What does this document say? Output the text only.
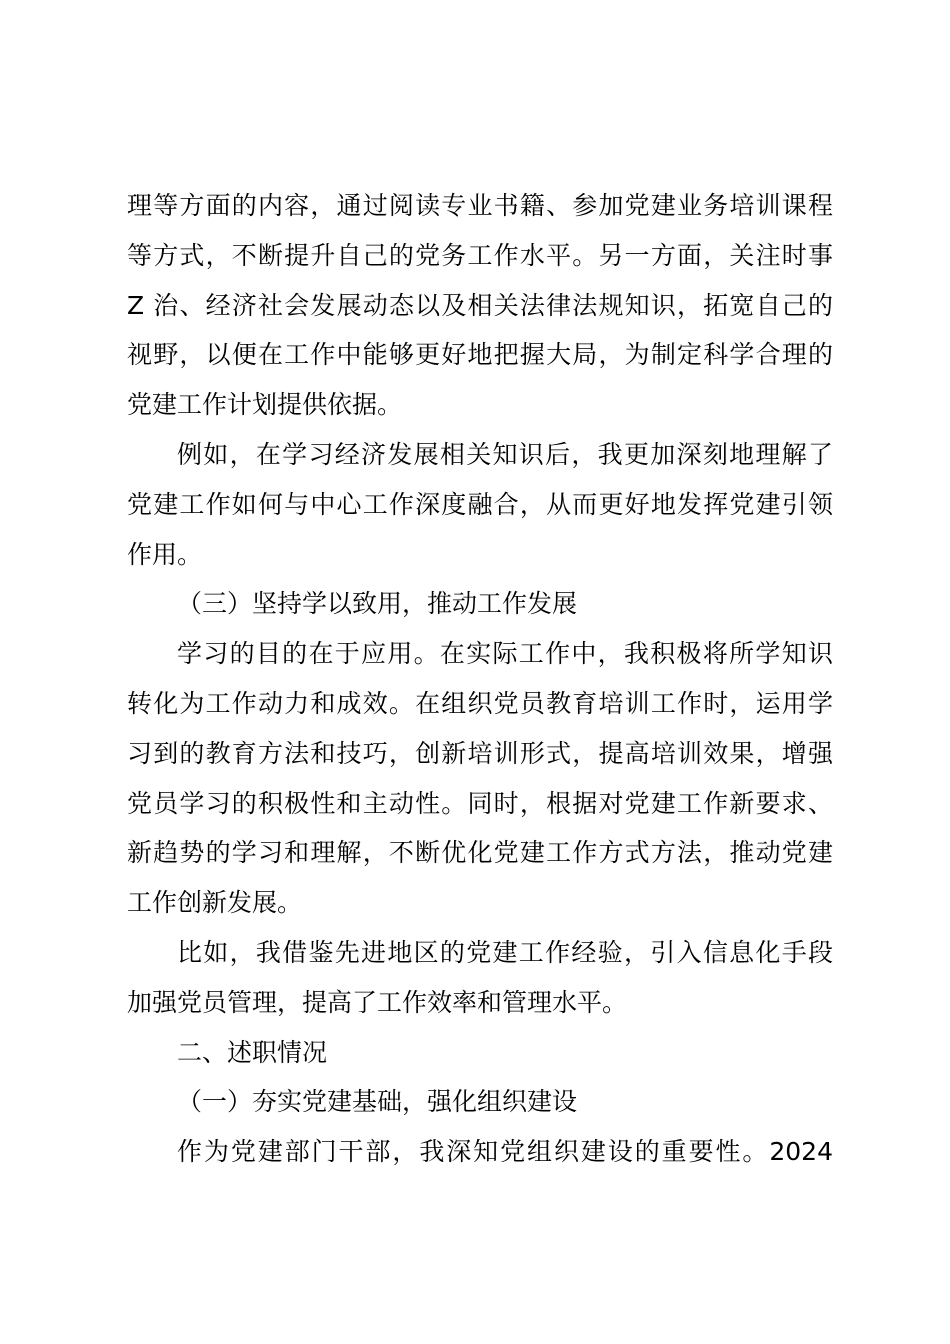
理等方面的内容，通过阅读专业书籍、参加党建业务培训课程
等方式，不断提升自己的党务工作水平。另一方面，关注时事
Z 治、经济社会发展动态以及相关法律法规知识，拓宽自己的
视野，以便在工作中能够更好地把握大局，为制定科学合理的
党建工作计划提供依据。
例如，在学习经济发展相关知识后，我更加深刻地理解了
党建工作如何与中心工作深度融合，从而更好地发挥党建引领
作用。
（三）坚持学以致用，推动工作发展
学习的目的在于应用。在实际工作中，我积极将所学知识
转化为工作动力和成效。在组织党员教育培训工作时，运用学
习到的教育方法和技巧，创新培训形式，提高培训效果，增强
党员学习的积极性和主动性。同时，根据对党建工作新要求、
新趋势的学习和理解，不断优化党建工作方式方法，推动党建
工作创新发展。
比如，我借鉴先进地区的党建工作经验，引入信息化手段
加强党员管理，提高了工作效率和管理水平。
二、述职情况
（一）夯实党建基础，强化组织建设
作为党建部门干部，我深知党组织建设的重要性。2024
